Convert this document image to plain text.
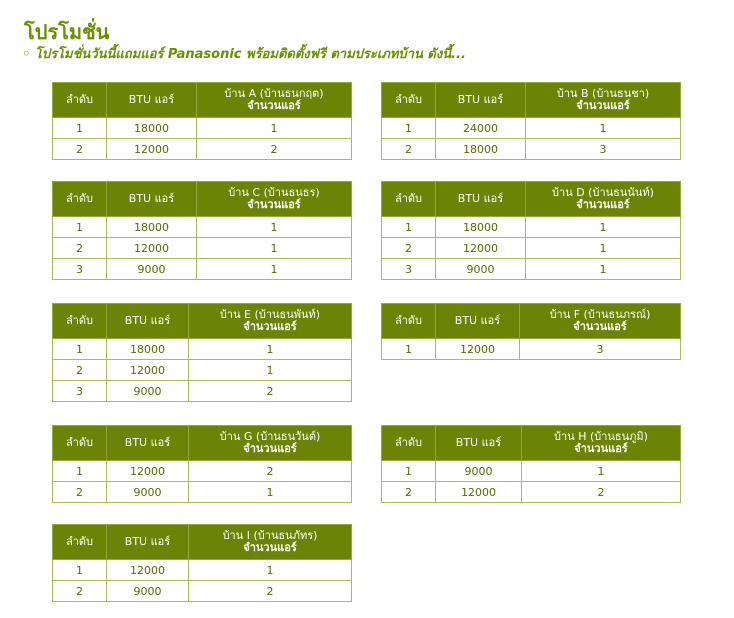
โปรโมชั่น
◦ โปรโมชั่นวันนี้แถมแอร์ Panasonic พร้อมติดตั้งฟรี ตามประเภทบ้าน ดังนี้...
ลำดับ	BTU แอร์	บ้าน A (บ้านธนกฤต)
จำนวนแอร์

1	18000	1
2	12000	2
ลำดับ	BTU แอร์	บ้าน B (บ้านธนชา)
จำนวนแอร์

1	24000	1
2	18000	3
ลำดับ	BTU แอร์	บ้าน C (บ้านธนธร)
จำนวนแอร์

1	18000	1
2	12000	1
3	9000	1
ลำดับ	BTU แอร์	บ้าน D (บ้านธนนันท์)
จำนวนแอร์

1	18000	1
2	12000	1
3	9000	1
ลำดับ	BTU แอร์	บ้าน E (บ้านธนพันท์)
จำนวนแอร์

1	18000	1
2	12000	1
3	9000	2
ลำดับ	BTU แอร์	บ้าน F (บ้านธนภรณ์)
จำนวนแอร์

1	12000	3
ลำดับ	BTU แอร์	บ้าน G (บ้านธนวันต์)
จำนวนแอร์

1	12000	2
2	9000	1
ลำดับ	BTU แอร์	บ้าน H (บ้านธนภูมิ)
จำนวนแอร์

1	9000	1
2	12000	2
ลำดับ	BTU แอร์	บ้าน I (บ้านธนภัทร)
จำนวนแอร์

1	12000	1
2	9000	2
